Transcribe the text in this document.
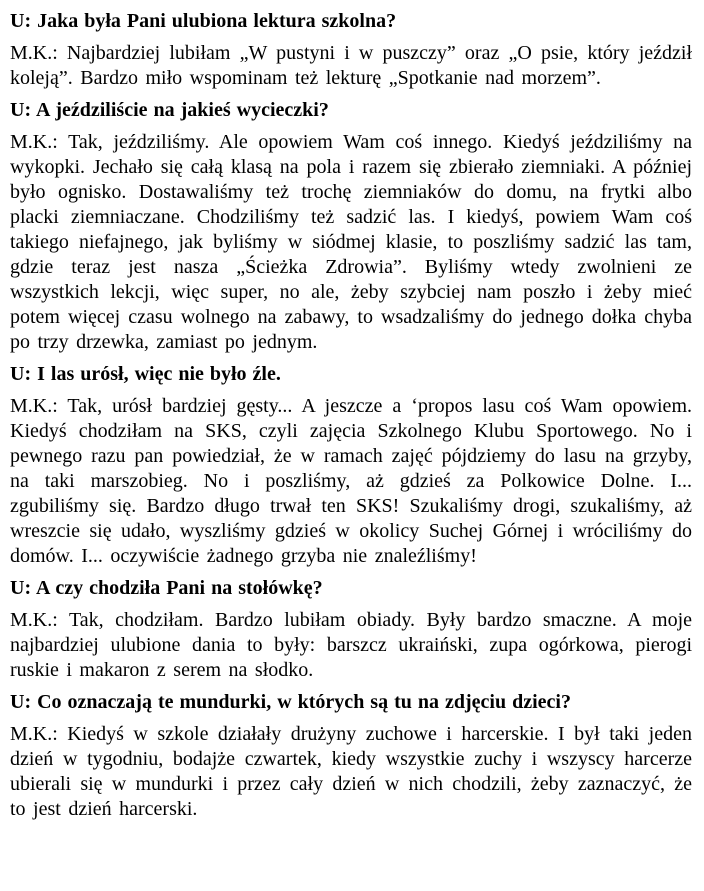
U: Jaka była Pani ulubiona lektura szkolna?

M.K.: Najbardziej lubiłam „W pustyni i w puszczy” oraz „O psie, który jeździł koleją”. Bardzo miło wspominam też lekturę „Spotkanie nad morzem”.

U: A jeździliście na jakieś wycieczki?

M.K.: Tak, jeździliśmy. Ale opowiem Wam coś innego. Kiedyś jeździliśmy na wykopki. Jechało się całą klasą na pola i razem się zbierało ziemniaki. A później było ognisko. Dostawaliśmy też trochę ziemniaków do domu, na frytki albo placki ziemniaczane. Chodziliśmy też sadzić las. I kiedyś, powiem Wam coś takiego niefajnego, jak byliśmy w siódmej klasie, to poszliśmy sadzić las tam, gdzie teraz jest nasza „Ścieżka Zdrowia”. Byliśmy wtedy zwolnieni ze wszystkich lekcji, więc super, no ale, żeby szybciej nam poszło i żeby mieć potem więcej czasu wolnego na zabawy, to wsadzaliśmy do jednego dołka chyba po trzy drzewka, zamiast po jednym.

U: I las urósł, więc nie było źle.

M.K.: Tak, urósł bardziej gęsty... A jeszcze a ‘propos lasu coś Wam opowiem. Kiedyś chodziłam na SKS, czyli zajęcia Szkolnego Klubu Sportowego. No i pewnego razu pan powiedział, że w ramach zajęć pójdziemy do lasu na grzyby, na taki marszobieg. No i poszliśmy, aż gdzieś za Polkowice Dolne. I... zgubiliśmy się. Bardzo długo trwał ten SKS! Szukaliśmy drogi, szukaliśmy, aż wreszcie się udało, wyszliśmy gdzieś w okolicy Suchej Górnej i wróciliśmy do domów. I... oczywiście żadnego grzyba nie znaleźliśmy!

U: A czy chodziła Pani na stołówkę?

M.K.: Tak, chodziłam. Bardzo lubiłam obiady. Były bardzo smaczne. A moje najbardziej ulubione dania to były: barszcz ukraiński, zupa ogórkowa, pierogi ruskie i makaron z serem na słodko.

U: Co oznaczają te mundurki, w których są tu na zdjęciu dzieci?

M.K.: Kiedyś w szkole działały drużyny zuchowe i harcerskie. I był taki jeden dzień w tygodniu, bodajże czwartek, kiedy wszystkie zuchy i wszyscy harcerze ubierali się w mundurki i przez cały dzień w nich chodzili, żeby zaznaczyć, że to jest dzień harcerski.
